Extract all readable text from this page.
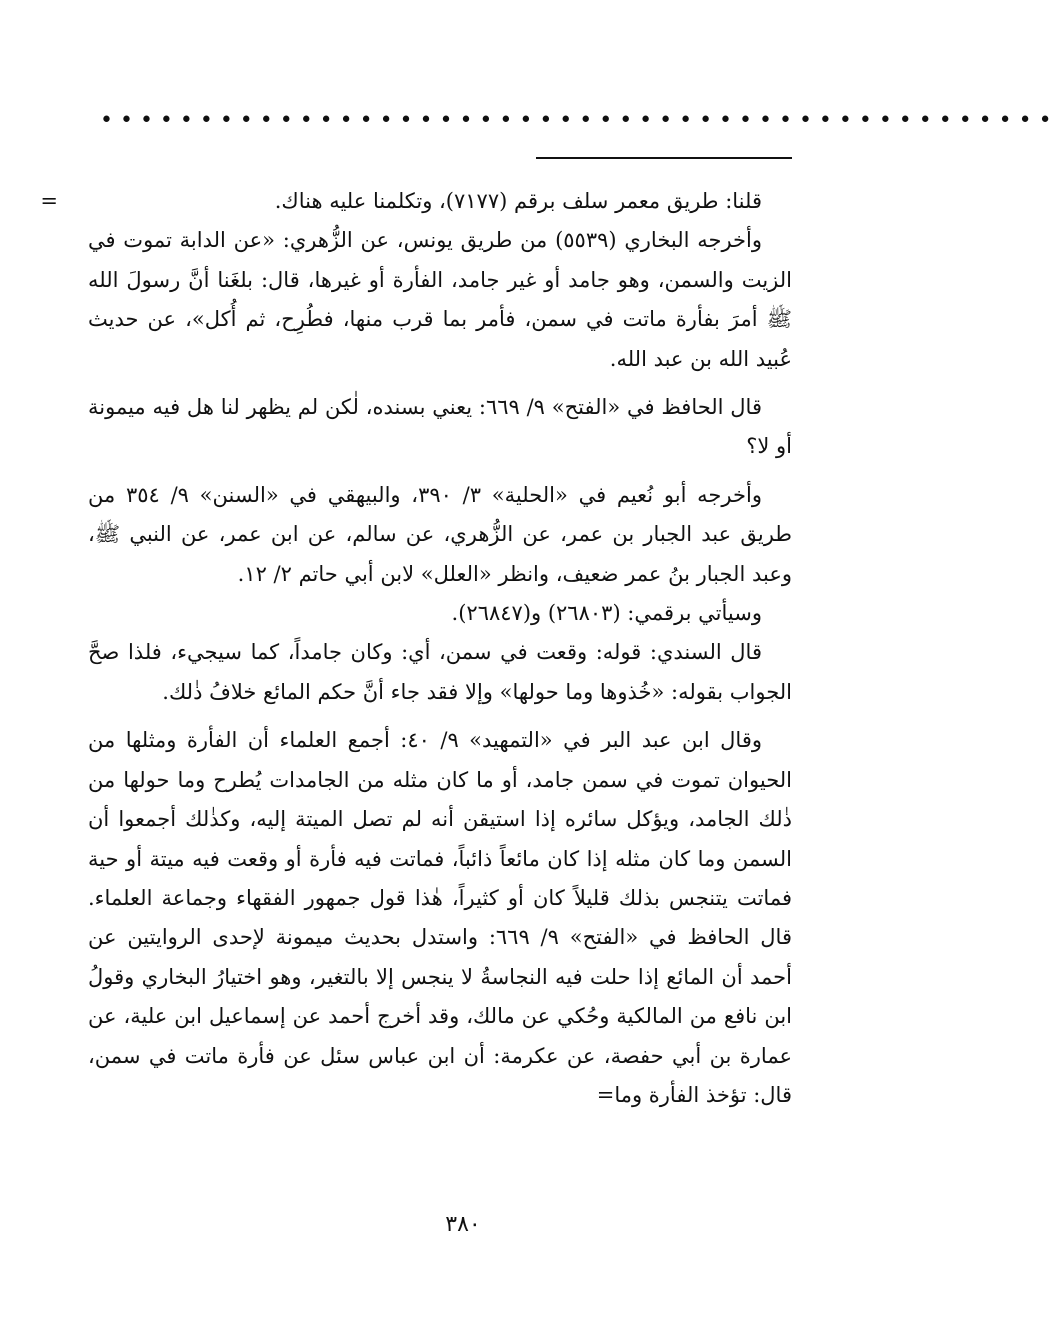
• • • • • • • • • • • • • • • • • • • • • • • • • • • • • • • • • • • • • • • • • • • • • • • •

=	قلنا: طريق معمر سلف برقم (٧١٧٧)، وتكلمنا عليه هناك.

وأخرجه البخاري (٥٥٣٩) من طريق يونس، عن الزُّهري: «عن الدابة تموت في الزيت والسمن، وهو جامد أو غير جامد، الفأرة أو غيرها، قال: بلغَنا أنَّ رسولَ الله ﷺ أمرَ بفأرة ماتت في سمن، فأمر بما قرب منها، فطُرِح، ثم أُكل»، عن حديث عُبيد الله بن عبد الله.

قال الحافظ في «الفتح» ٩/ ٦٦٩: يعني بسنده، لٰكن لم يظهر لنا هل فيه ميمونة أو لا؟

وأخرجه أبو نُعيم في «الحلية» ٣/ ٣٩٠، والبيهقي في «السنن» ٩/ ٣٥٤ من طريق عبد الجبار بن عمر، عن الزُّهري، عن سالم، عن ابن عمر، عن النبي ﷺ، وعبد الجبار بنُ عمر ضعيف، وانظر «العلل» لابن أبي حاتم ٢/ ١٢.

وسيأتي برقمي: (٢٦٨٠٣) و(٢٦٨٤٧).

قال السندي: قوله: وقعت في سمن، أي: وكان جامداً، كما سيجيء، فلذا صحَّ الجواب بقوله: «خُذوها وما حولها» وإلا فقد جاء أنَّ حكم المائع خلافُ ذٰلك.

وقال ابن عبد البر في «التمهيد» ٩/ ٤٠: أجمع العلماء أن الفأرة ومثلها من الحيوان تموت في سمن جامد، أو ما كان مثله من الجامدات يُطرح وما حولها من ذٰلك الجامد، ويؤكل سائره إذا استيقن أنه لم تصل الميتة إليه، وكذٰلك أجمعوا أن السمن وما كان مثله إذا كان مائعاً ذائباً، فماتت فيه فأرة أو وقعت فيه ميتة أو حية فماتت يتنجس بذلك قليلاً كان أو كثيراً، هٰذا قول جمهور الفقهاء وجماعة العلماء. قال الحافظ في «الفتح» ٩/ ٦٦٩: واستدل بحديث ميمونة لإحدى الروايتين عن أحمد أن المائع إذا حلت فيه النجاسةُ لا ينجس إلا بالتغير، وهو اختيارُ البخاري وقولُ ابن نافع من المالكية وحُكي عن مالك، وقد أخرج أحمد عن إسماعيل ابن علية، عن عمارة بن أبي حفصة، عن عكرمة: أن ابن عباس سئل عن فأرة ماتت في سمن، قال: تؤخذ الفأرة وما=

٣٨٠
